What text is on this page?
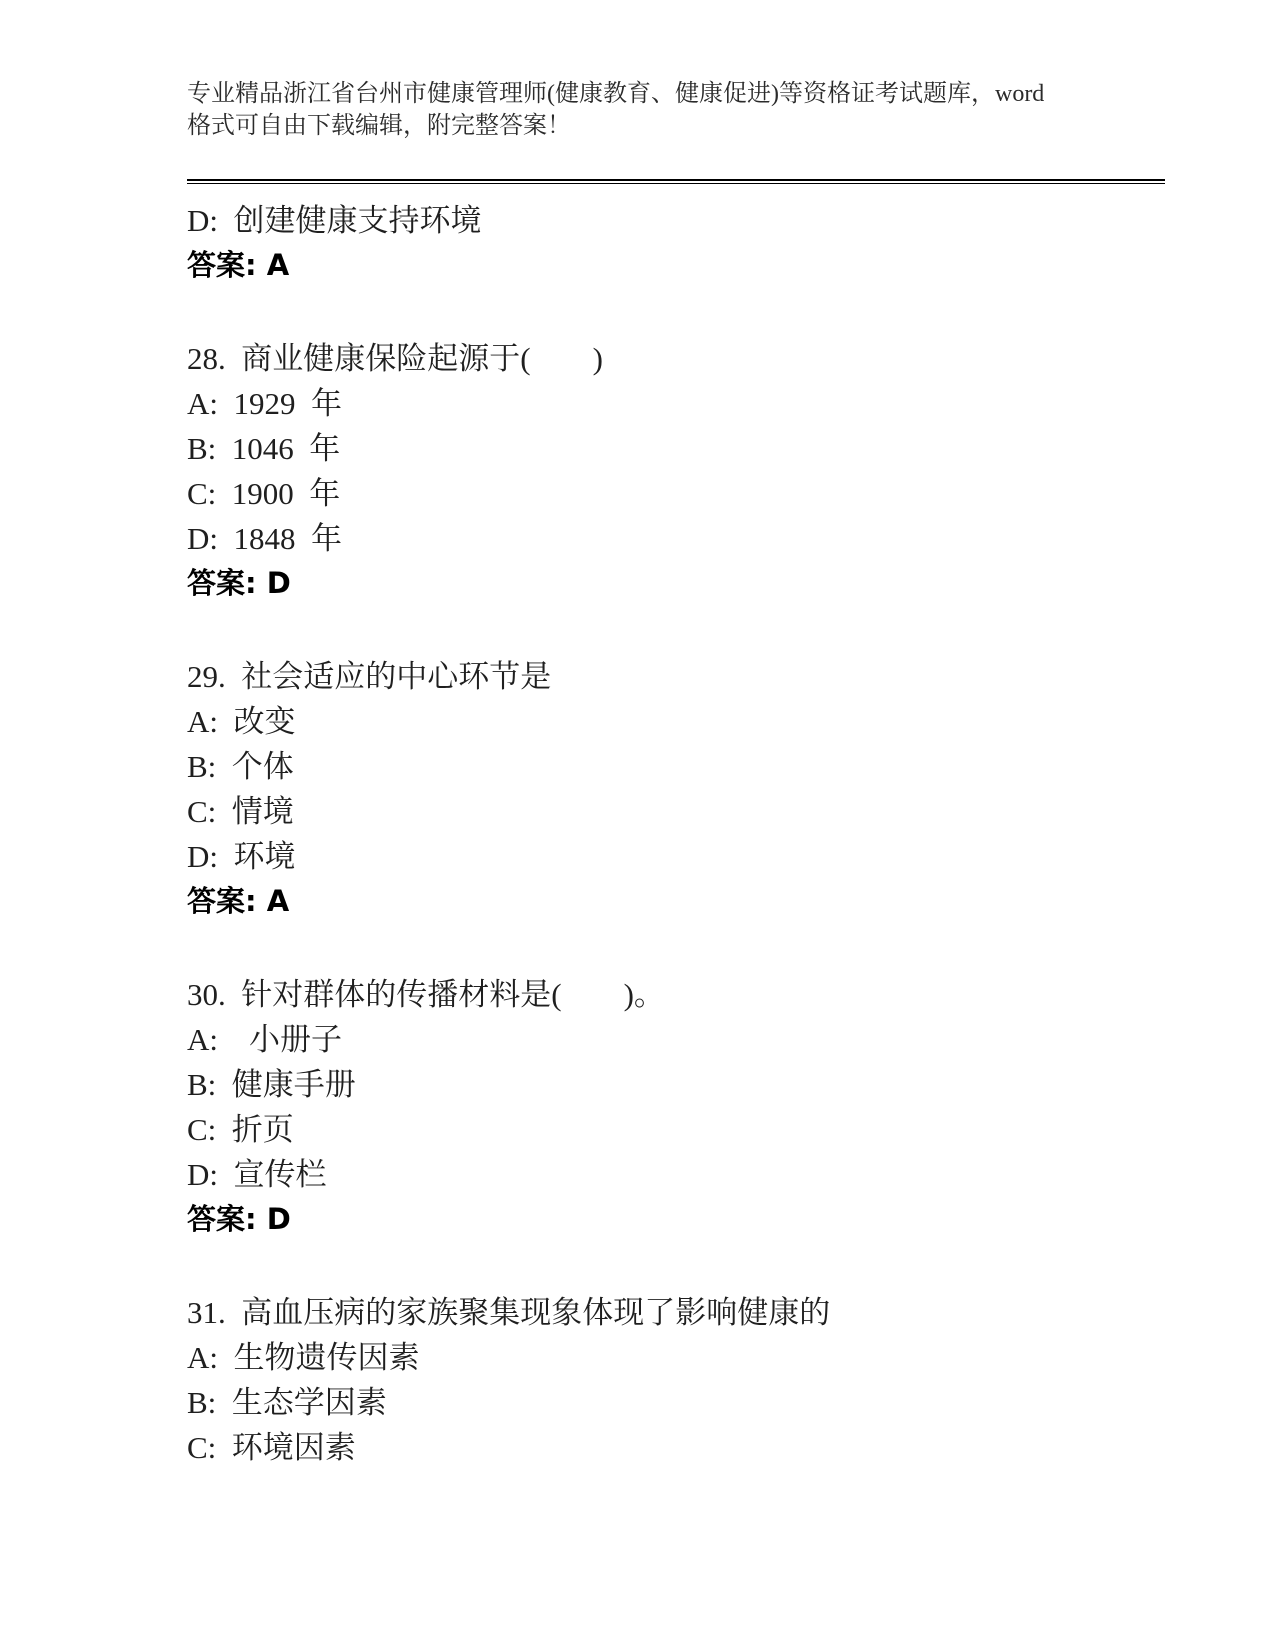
专业精品浙江省台州市健康管理师(健康教育、健康促进)等资格证考试题库，word
格式可自由下载编辑，附完整答案！
D:  创建健康支持环境
答案: A
28.  商业健康保险起源于(　　)
A:  1929  年
B:  1046  年
C:  1900  年
D:  1848  年
答案: D
29.  社会适应的中心环节是
A:  改变
B:  个体
C:  情境
D:  环境
答案: A
30.  针对群体的传播材料是(　　)。
A:    小册子
B:  健康手册
C:  折页
D:  宣传栏
答案: D
31.  高血压病的家族聚集现象体现了影响健康的
A:  生物遗传因素
B:  生态学因素
C:  环境因素
